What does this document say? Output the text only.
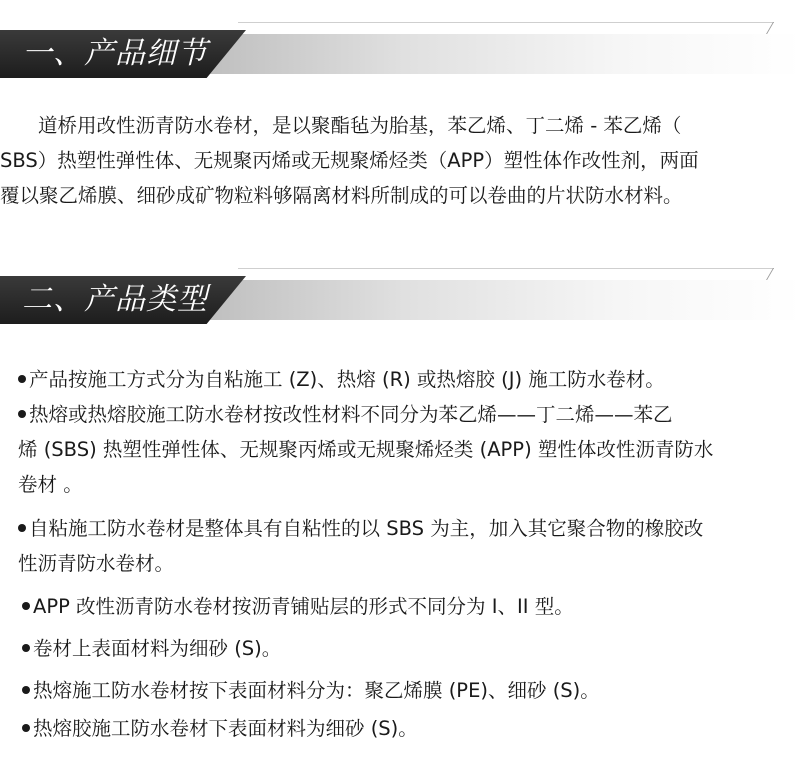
一、产品细节
道桥用改性沥青防水卷材，是以聚酯毡为胎基，苯乙烯、丁二烯 - 苯乙烯（
SBS）热塑性弹性体、无规聚丙烯或无规聚烯烃类（APP）塑性体作改性剂，两面
覆以聚乙烯膜、细砂成矿物粒料够隔离材料所制成的可以卷曲的片状防水材料。
二、产品类型
产品按施工方式分为自粘施工 (Z)、热熔 (R) 或热熔胶 (J) 施工防水卷材。
热熔或热熔胶施工防水卷材按改性材料不同分为苯乙烯——丁二烯——苯乙
烯 (SBS) 热塑性弹性体、无规聚丙烯或无规聚烯烃类 (APP) 塑性体改性沥青防水
卷材 。
自粘施工防水卷材是整体具有自粘性的以 SBS 为主，加入其它聚合物的橡胶改
性沥青防水卷材。
APP 改性沥青防水卷材按沥青铺贴层的形式不同分为 I、II 型。
卷材上表面材料为细砂 (S)。
热熔施工防水卷材按下表面材料分为：聚乙烯膜 (PE)、细砂 (S)。
热熔胶施工防水卷材下表面材料为细砂 (S)。
